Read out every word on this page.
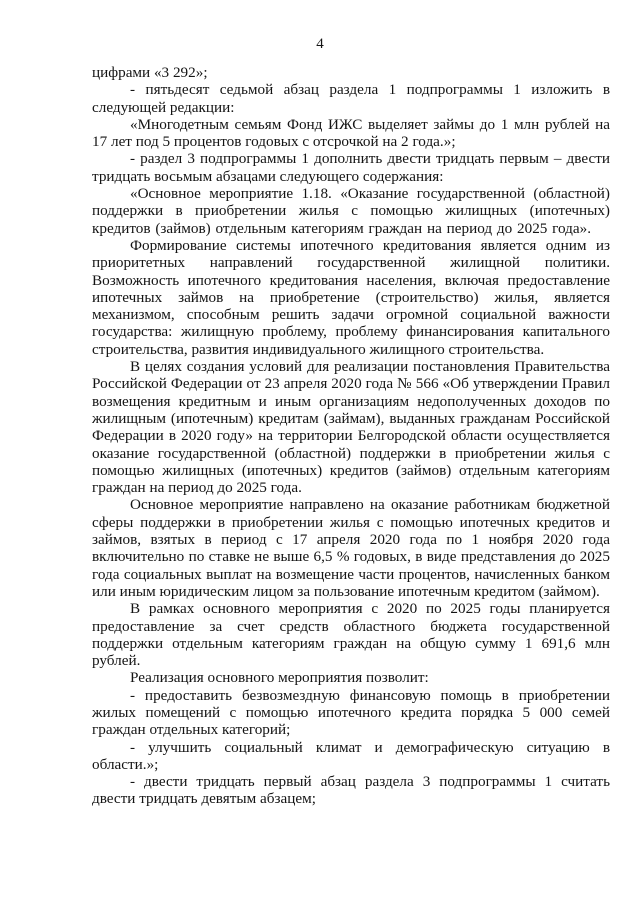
4

цифрами «3 292»;

- пятьдесят седьмой абзац раздела 1 подпрограммы 1 изложить в следующей редакции:

«Многодетным семьям Фонд ИЖС выделяет займы до 1 млн рублей на 17 лет под 5 процентов годовых с отсрочкой на 2 года.»;

- раздел 3 подпрограммы 1 дополнить двести тридцать первым – двести тридцать восьмым абзацами следующего содержания:

«Основное мероприятие 1.18. «Оказание государственной (областной) поддержки в приобретении жилья с помощью жилищных (ипотечных) кредитов (займов) отдельным категориям граждан на период до 2025 года».

Формирование системы ипотечного кредитования является одним из приоритетных направлений государственной жилищной политики. Возможность ипотечного кредитования населения, включая предоставление ипотечных займов на приобретение (строительство) жилья, является механизмом, способным решить задачи огромной социальной важности государства: жилищную проблему, проблему финансирования капитального строительства, развития индивидуального жилищного строительства.

В целях создания условий для реализации постановления Правительства Российской Федерации от 23 апреля 2020 года № 566 «Об утверждении Правил возмещения кредитным и иным организациям недополученных доходов по жилищным (ипотечным) кредитам (займам), выданных гражданам Российской Федерации в 2020 году» на территории Белгородской области осуществляется оказание государственной (областной) поддержки в приобретении жилья с помощью жилищных (ипотечных) кредитов (займов) отдельным категориям граждан на период до 2025 года.

Основное мероприятие направлено на оказание работникам бюджетной сферы поддержки в приобретении жилья с помощью ипотечных кредитов и займов, взятых в период с 17 апреля 2020 года по 1 ноября 2020 года включительно по ставке не выше 6,5 % годовых, в виде представления до 2025 года социальных выплат на возмещение части процентов, начисленных банком или иным юридическим лицом за пользование ипотечным кредитом (займом).

В рамках основного мероприятия с 2020 по 2025 годы планируется предоставление за счет средств областного бюджета государственной поддержки отдельным категориям граждан на общую сумму 1 691,6 млн рублей.

Реализация основного мероприятия позволит:

- предоставить безвозмездную финансовую помощь в приобретении жилых помещений с помощью ипотечного кредита порядка 5 000 семей граждан отдельных категорий;

- улучшить социальный климат и демографическую ситуацию в области.»;

- двести тридцать первый абзац раздела 3 подпрограммы 1 считать двести тридцать девятым абзацем;
